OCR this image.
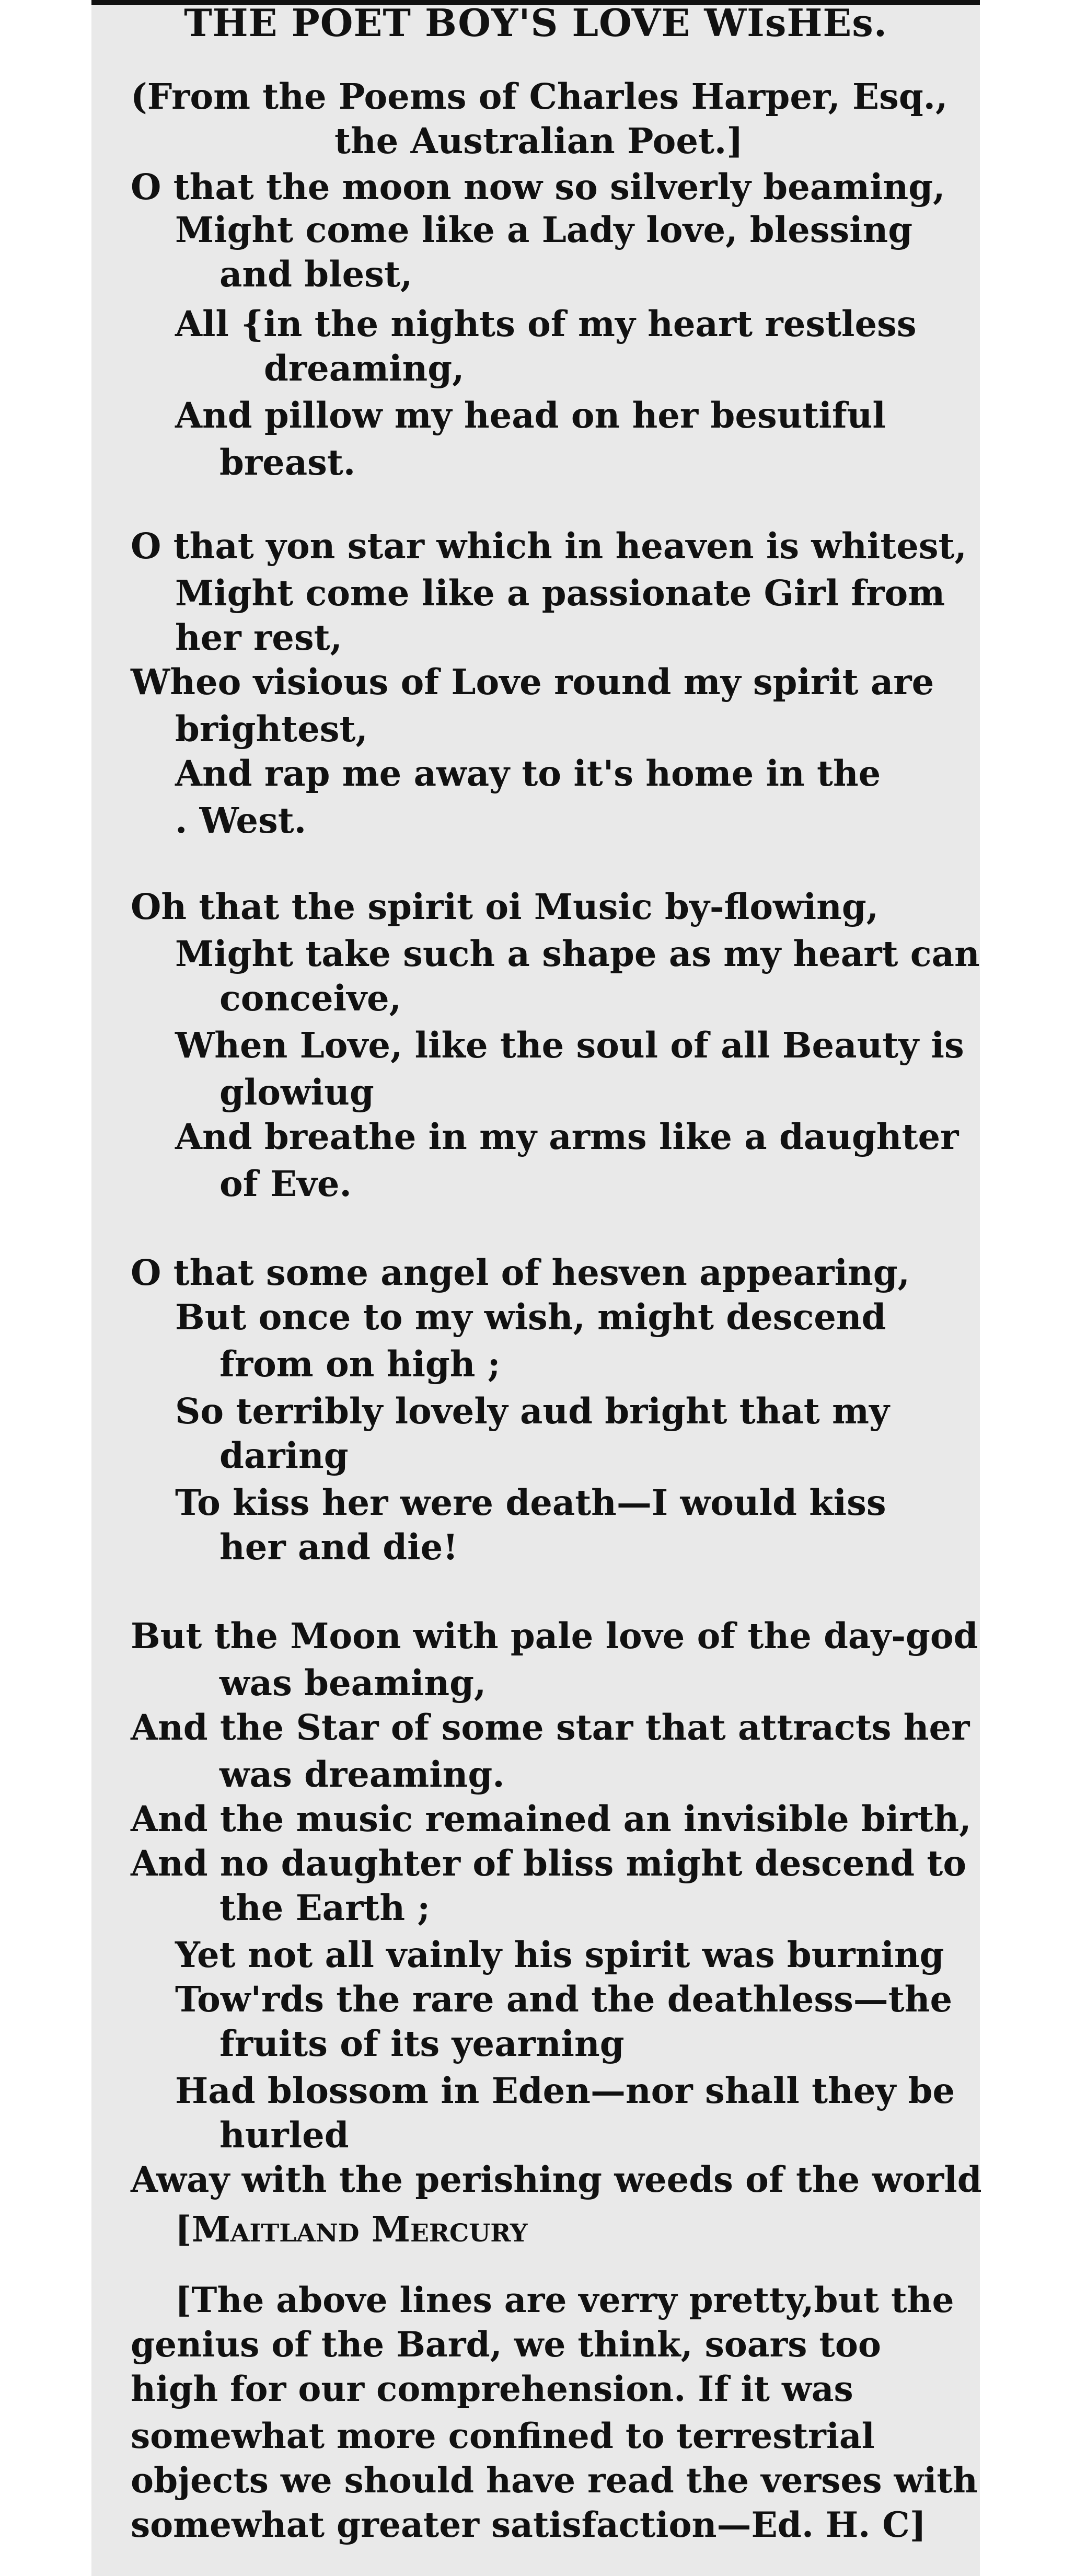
THE POET BOY'S LOVE WIsHEs.
(From the Poems of Charles Harper, Esq.,
the Australian Poet.]
O that the moon now so silverly beaming,
Might come like a Lady love, blessing
and blest,
All {in the nights of my heart restless
dreaming,
And pillow my head on her besutiful
breast.
O that yon star which in heaven is whitest,
Might come like a passionate Girl from
her rest,
Wheo visious of Love round my spirit are
brightest,
And rap me away to it's home in the
. West.
Oh that the spirit oi Music by-flowing,
Might take such a shape as my heart can
conceive,
When Love, like the soul of all Beauty is
glowiug
And breathe in my arms like a daughter
of Eve.
O that some angel of hesven appearing,
But once to my wish, might descend
from on high ;
So terribly lovely aud bright that my
daring
To kiss her were death—I would kiss
her and die!
But the Moon with pale love of the day-god
was beaming,
And the Star of some star that attracts her
was dreaming.
And the music remained an invisible birth,
And no daughter of bliss might descend to
the Earth ;
Yet not all vainly his spirit was burning
Tow'rds the rare and the deathless—the
fruits of its yearning
Had blossom in Eden—nor shall they be
hurled
Away with the perishing weeds of the world
[Maitland Mercury
[The above lines are verry pretty,but the
genius of the Bard, we think, soars too
high for our comprehension. If it was
somewhat more confined to terrestrial
objects we should have read the verses with
somewhat greater satisfaction—Ed. H. C]
